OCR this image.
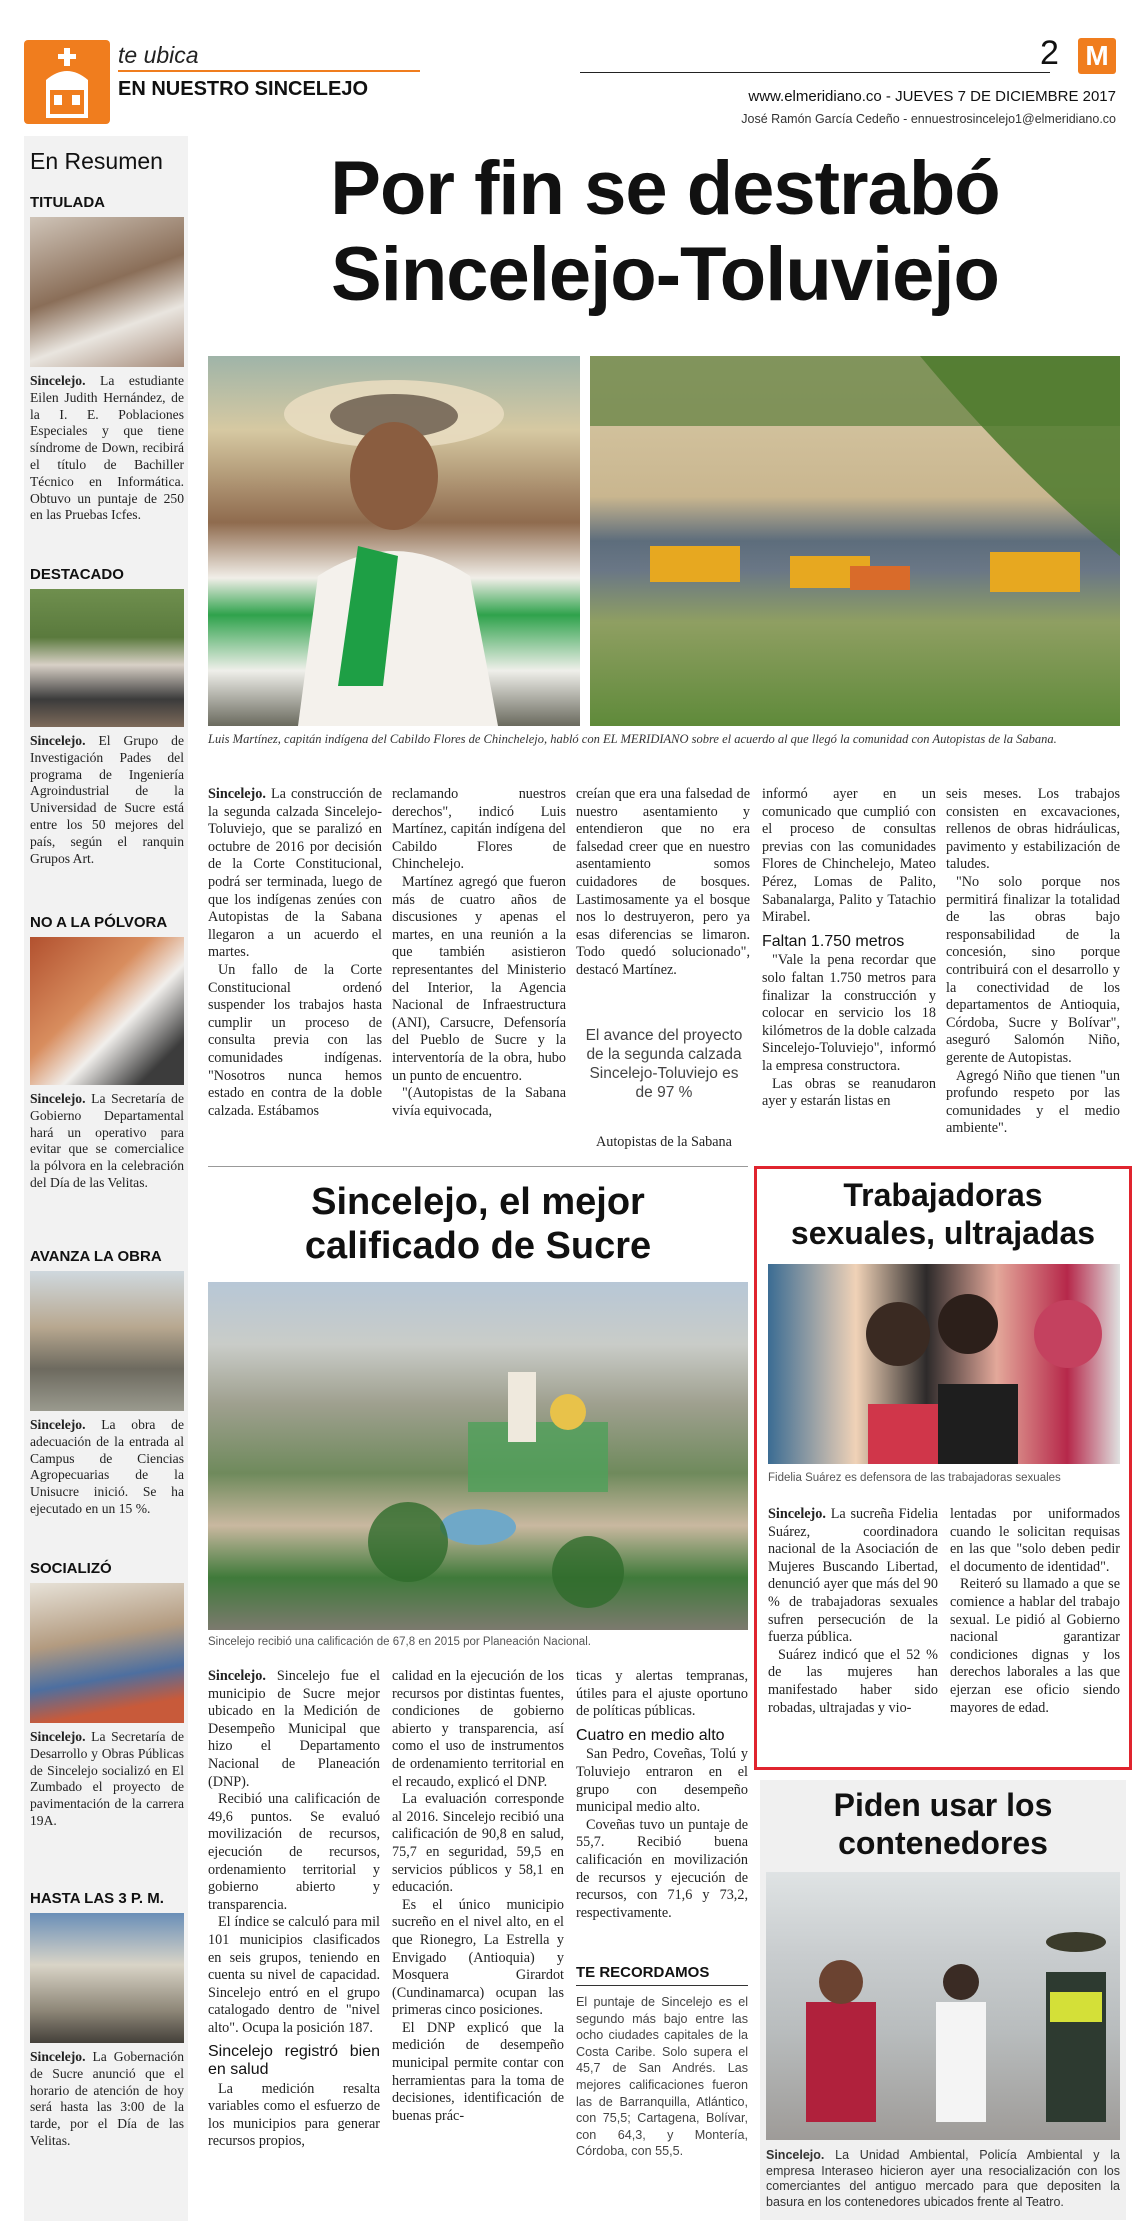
te ubica
EN NUESTRO SINCELEJO
2 M
www.elmeridiano.co - JUEVES 7 DE DICIEMBRE 2017
José Ramón García Cedeño - ennuestrosincelejo1@elmeridiano.co
En Resumen
TITULADA
Sincelejo. La estudiante Eilen Judith Hernández, de la I. E. Poblaciones Especiales y que tiene síndrome de Down, recibirá el título de Bachiller Técnico en Informática. Obtuvo un puntaje de 250 en las Pruebas Icfes.
DESTACADO
Sincelejo. El Grupo de Investigación Pades del programa de Ingeniería Agroindustrial de la Universidad de Sucre está entre los 50 mejores del país, según el ranquin Grupos Art.
NO A LA PÓLVORA
Sincelejo. La Secretaría de Gobierno Departamental hará un operativo para evitar que se comercialice la pólvora en la celebración del Día de las Velitas.
AVANZA LA OBRA
Sincelejo. La obra de adecuación de la entrada al Campus de Ciencias Agropecuarias de la Unisucre inició. Se ha ejecutado en un 15 %.
SOCIALIZÓ
Sincelejo. La Secretaría de Desarrollo y Obras Públicas de Sincelejo socializó en El Zumbado el proyecto de pavimentación de la carrera 19A.
HASTA LAS 3 P. M.
Sincelejo. La Gobernación de Sucre anunció que el horario de atención de hoy será hasta las 3:00 de la tarde, por el Día de las Velitas.
Por fin se destrabó
Sincelejo-Toluviejo
Luis Martínez, capitán indígena del Cabildo Flores de Chinchelejo, habló con EL MERIDIANO sobre el acuerdo al que llegó la comunidad con Autopistas de la Sabana.

Sincelejo. La construcción de la segunda calzada Sincelejo-Toluviejo, que se paralizó en octubre de 2016 por decisión de la Corte Constitucional, podrá ser terminada, luego de que los indígenas zenúes con Autopistas de la Sabana llegaron a un acuerdo el martes.

Un fallo de la Corte Constitucional ordenó suspender los trabajos hasta cumplir un proceso de consulta previa con las comunidades indígenas. "Nosotros nunca hemos estado en contra de la doble calzada. Estábamos

reclamando nuestros derechos", indicó Luis Martínez, capitán indígena del Cabildo Flores de Chinchelejo.

Martínez agregó que fueron más de cuatro años de discusiones y apenas el martes, en una reunión a la que también asistieron representantes del Ministerio del Interior, la Agencia Nacional de Infraestructura (ANI), Carsucre, Defensoría del Pueblo de Sucre y la interventoría de la obra, hubo un punto de encuentro.

"(Autopistas de la Sabana vivía equivocada,

creían que era una falsedad de nuestro asentamiento y entendieron que no era falsedad creer que en nuestro asentamiento somos cuidadores de bosques. Lastimosamente ya el bosque nos lo destruyeron, pero ya esas diferencias se limaron. Todo quedó solucionado", destacó Martínez.

El avance del proyecto de la segunda calzada Sincelejo-Toluviejo es de 97 %
Autopistas de la Sabana

informó ayer en un comunicado que cumplió con el proceso de consultas previas con las comunidades Flores de Chinchelejo, Mateo Pérez, Lomas de Palito, Sabanalarga, Palito y Tatachio Mirabel.

Faltan 1.750 metros

"Vale la pena recordar que solo faltan 1.750 metros para finalizar la construcción y colocar en servicio los 18 kilómetros de la doble calzada Sincelejo-Toluviejo", informó la empresa constructora.

Las obras se reanudaron ayer y estarán listas en

seis meses. Los trabajos consisten en excavaciones, rellenos de obras hidráulicas, pavimento y estabilización de taludes.

"No solo porque nos permitirá finalizar la totalidad de las obras bajo responsabilidad de la concesión, sino porque contribuirá con el desarrollo y la conectividad de los departamentos de Antioquia, Córdoba, Sucre y Bolívar", aseguró Salomón Niño, gerente de Autopistas.

Agregó Niño que tienen "un profundo respeto por las comunidades y el medio ambiente".

Sincelejo, el mejor
calificado de Sucre
Sincelejo recibió una calificación de 67,8 en 2015 por Planeación Nacional.

Sincelejo. Sincelejo fue el municipio de Sucre mejor ubicado en la Medición de Desempeño Municipal que hizo el Departamento Nacional de Planeación (DNP).

Recibió una calificación de 49,6 puntos. Se evaluó movilización de recursos, ejecución de recursos, ordenamiento territorial y gobierno abierto y transparencia.

El índice se calculó para mil 101 municipios clasificados en seis grupos, teniendo en cuenta su nivel de capacidad. Sincelejo entró en el grupo catalogado dentro de "nivel alto". Ocupa la posición 187.

Sincelejo registró bien en salud

La medición resalta variables como el esfuerzo de los municipios para generar recursos propios,

calidad en la ejecución de los recursos por distintas fuentes, condiciones de gobierno abierto y transparencia, así como el uso de instrumentos de ordenamiento territorial en el recaudo, explicó el DNP.

La evaluación corresponde al 2016. Sincelejo recibió una calificación de 90,8 en salud, 75,7 en seguridad, 59,5 en servicios públicos y 58,1 en educación.

Es el único municipio sucreño en el nivel alto, en el que Rionegro, La Estrella y Envigado (Antioquia) y Mosquera Girardot (Cundinamarca) ocupan las primeras cinco posiciones.

El DNP explicó que la medición de desempeño municipal permite contar con herramientas para la toma de decisiones, identificación de buenas prác-

ticas y alertas tempranas, útiles para el ajuste oportuno de políticas públicas.

Cuatro en medio alto

San Pedro, Coveñas, Tolú y Toluviejo entraron en el grupo con desempeño municipal medio alto.

Coveñas tuvo un puntaje de 55,7. Recibió buena calificación en movilización de recursos y ejecución de recursos, con 71,6 y 73,2, respectivamente.

TE RECORDAMOS
El puntaje de Sincelejo es el segundo más bajo entre las ocho ciudades capitales de la Costa Caribe. Solo supera el 45,7 de San Andrés. Las mejores calificaciones fueron las de Barranquilla, Atlántico, con 75,5; Cartagena, Bolívar, con 64,3, y Montería, Córdoba, con 55,5.
Trabajadoras
sexuales, ultrajadas
Fidelia Suárez es defensora de las trabajadoras sexuales

Sincelejo. La sucreña Fidelia Suárez, coordinadora nacional de la Asociación de Mujeres Buscando Libertad, denunció ayer que más del 90 % de trabajadoras sexuales sufren persecución de la fuerza pública.

Suárez indicó que el 52 % de las mujeres han manifestado haber sido robadas, ultrajadas y vio-

lentadas por uniformados cuando le solicitan requisas en las que "solo deben pedir el documento de identidad".

Reiteró su llamado a que se comience a hablar del trabajo sexual. Le pidió al Gobierno nacional garantizar condiciones dignas y los derechos laborales a las que ejerzan ese oficio siendo mayores de edad.

Piden usar los
contenedores
Sincelejo. La Unidad Ambiental, Policía Ambiental y la empresa Interaseo hicieron ayer una resocialización con los comerciantes del antiguo mercado para que depositen la basura en los contenedores ubicados frente al Teatro.
